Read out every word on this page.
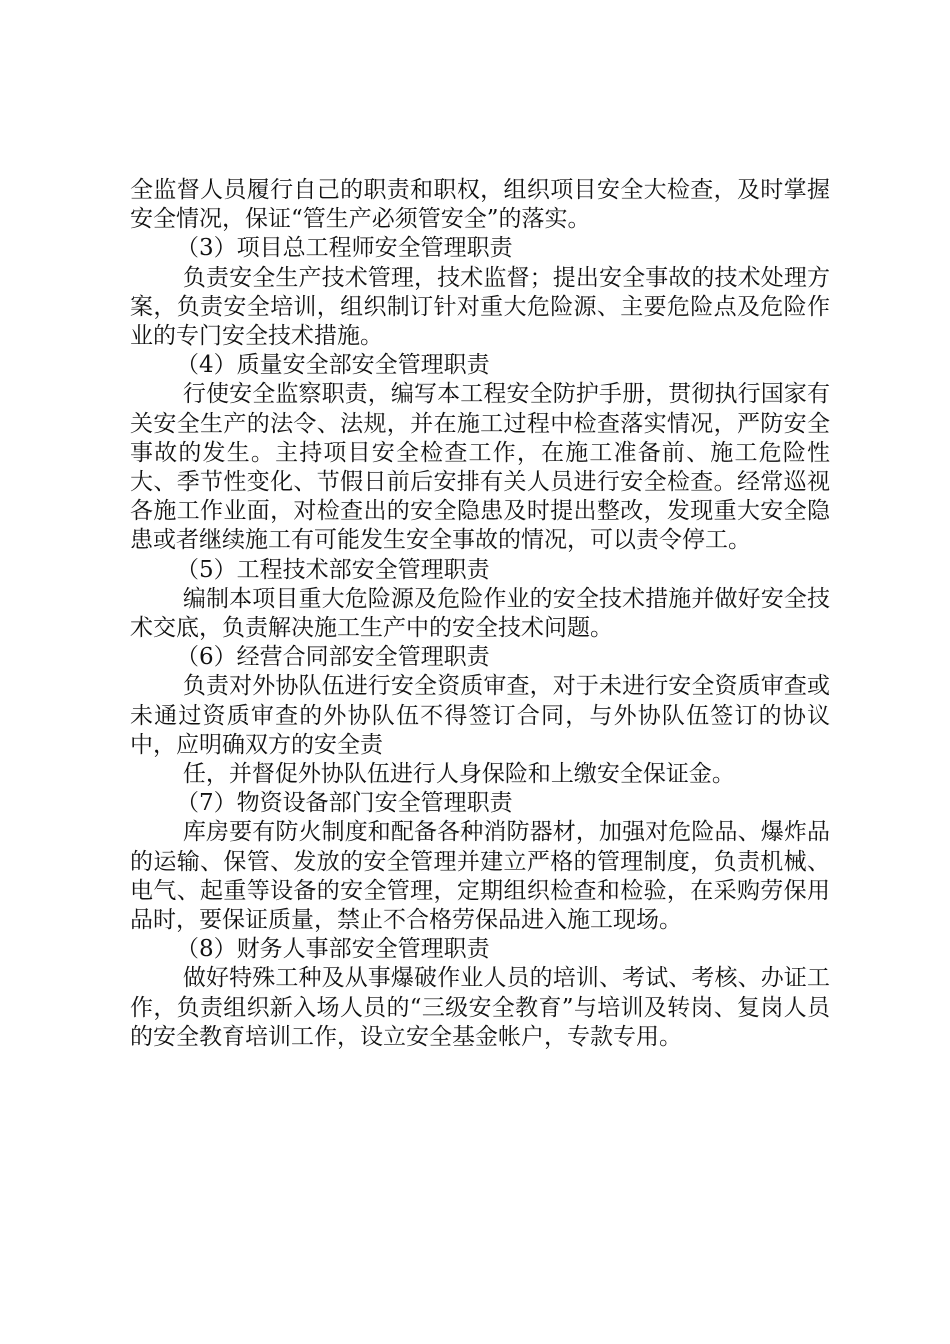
全监督人员履行自己的职责和职权，组织项目安全大检查，及时掌握安全情况，保证“管生产必须管安全”的落实。

（3）项目总工程师安全管理职责

负责安全生产技术管理，技术监督；提出安全事故的技术处理方案，负责安全培训，组织制订针对重大危险源、主要危险点及危险作业的专门安全技术措施。

（4）质量安全部安全管理职责

行使安全监察职责，编写本工程安全防护手册，贯彻执行国家有关安全生产的法令、法规，并在施工过程中检查落实情况，严防安全事故的发生。主持项目安全检查工作，在施工准备前、施工危险性大、季节性变化、节假日前后安排有关人员进行安全检查。经常巡视各施工作业面，对检查出的安全隐患及时提出整改，发现重大安全隐患或者继续施工有可能发生安全事故的情况，可以责令停工。

（5）工程技术部安全管理职责

编制本项目重大危险源及危险作业的安全技术措施并做好安全技术交底，负责解决施工生产中的安全技术问题。

（6）经营合同部安全管理职责

负责对外协队伍进行安全资质审查，对于未进行安全资质审查或未通过资质审查的外协队伍不得签订合同，与外协队伍签订的协议中，应明确双方的安全责

任，并督促外协队伍进行人身保险和上缴安全保证金。

（7）物资设备部门安全管理职责

库房要有防火制度和配备各种消防器材，加强对危险品、爆炸品的运输、保管、发放的安全管理并建立严格的管理制度，负责机械、电气、起重等设备的安全管理，定期组织检查和检验，在采购劳保用品时，要保证质量，禁止不合格劳保品进入施工现场。

（8）财务人事部安全管理职责

做好特殊工种及从事爆破作业人员的培训、考试、考核、办证工作，负责组织新入场人员的“三级安全教育”与培训及转岗、复岗人员的安全教育培训工作，设立安全基金帐户，专款专用。
